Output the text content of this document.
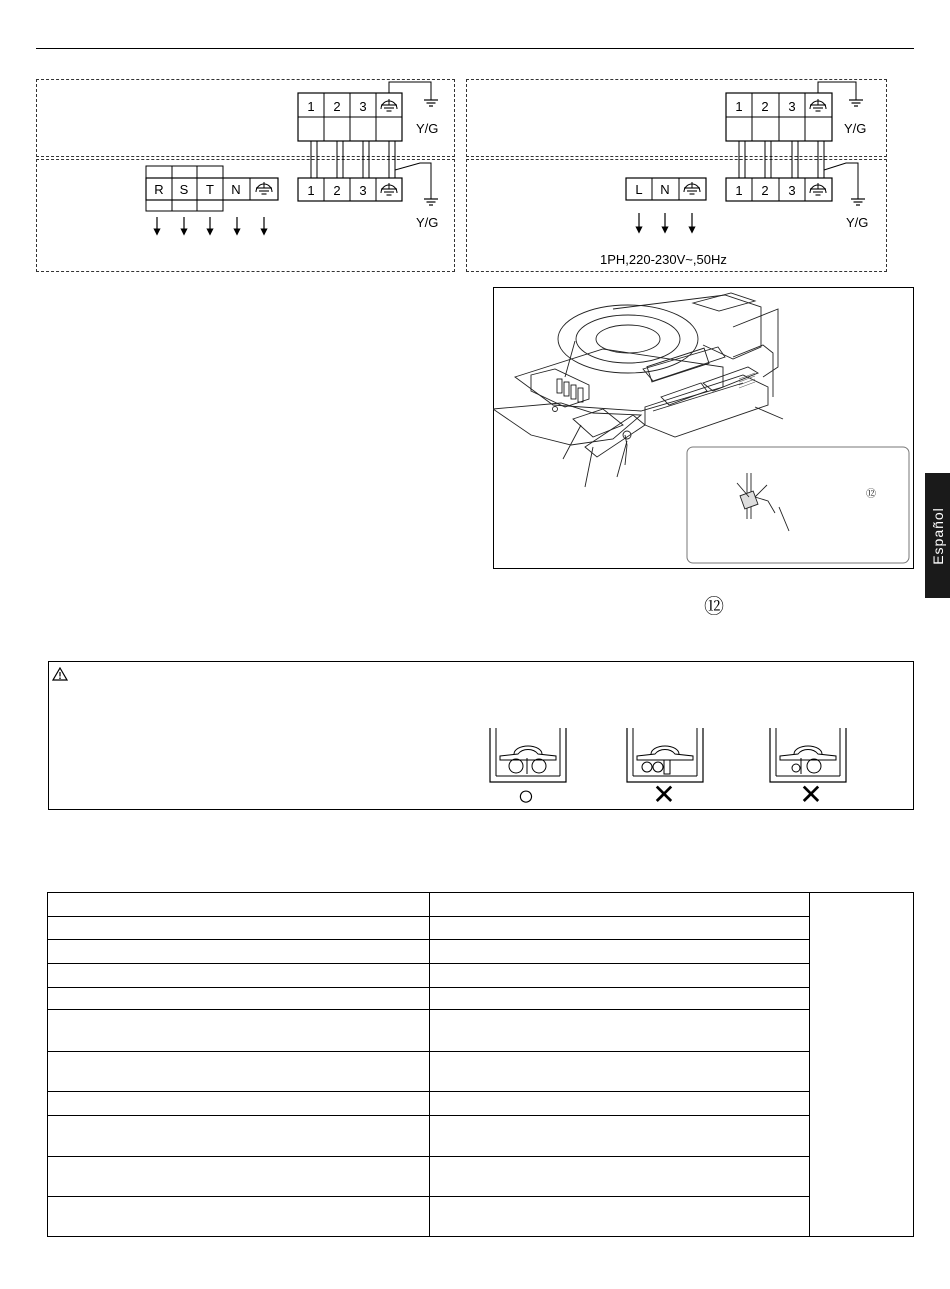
1 2 3
Y/G
1 2 3
Y/G
R S T N
1 2 3
Y/G
1 2 3
Y/G
L N
1PH,220-230V~,50Hz
⑫
⑫
Español
○	✕	✕
